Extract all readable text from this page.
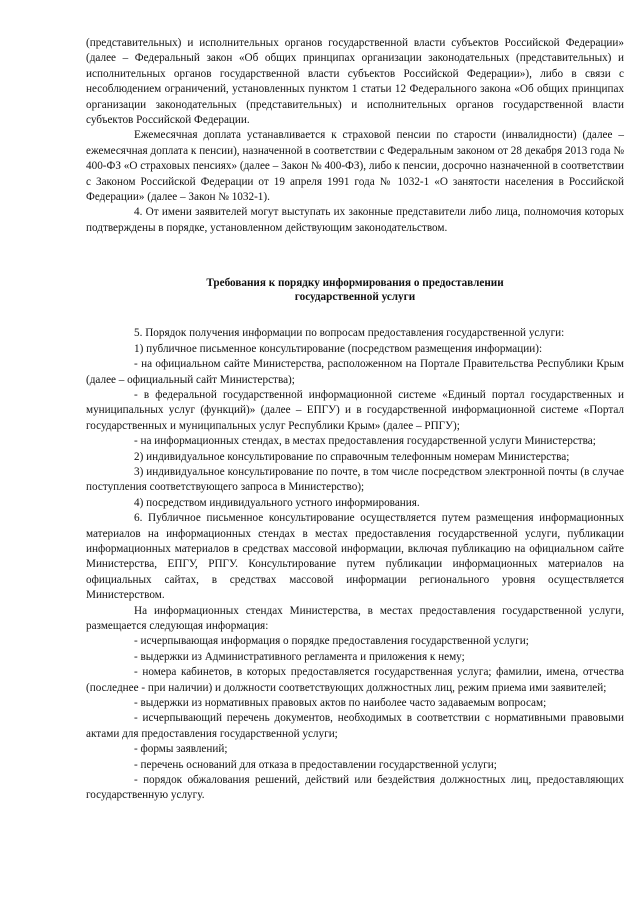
(представительных) и исполнительных органов государственной власти субъектов Российской Федерации» (далее – Федеральный закон «Об общих принципах организации законодательных (представительных) и исполнительных органов государственной власти субъектов Российской Федерации»), либо в связи с несоблюдением ограничений, установленных пунктом 1 статьи 12 Федерального закона «Об общих принципах организации законодательных (представительных) и исполнительных органов государственной власти субъектов Российской Федерации.

Ежемесячная доплата устанавливается к страховой пенсии по старости (инвалидности) (далее – ежемесячная доплата к пенсии), назначенной в соответствии с Федеральным законом от 28 декабря 2013 года № 400-ФЗ «О страховых пенсиях» (далее – Закон № 400-ФЗ), либо к пенсии, досрочно назначенной в соответствии с Законом Российской Федерации от 19 апреля 1991 года № 1032-1 «О занятости населения в Российской Федерации» (далее – Закон № 1032-1).

4. От имени заявителей могут выступать их законные представители либо лица, полномочия которых подтверждены в порядке, установленном действующим законодательством.

Требования к порядку информирования о предоставлении
государственной услуги

5. Порядок получения информации по вопросам предоставления государственной услуги:

1) публичное письменное консультирование (посредством размещения информации):

- на официальном сайте Министерства, расположенном на Портале Правительства Республики Крым (далее – официальный сайт Министерства);

- в федеральной государственной информационной системе «Единый портал государственных и муниципальных услуг (функций)» (далее – ЕПГУ) и в государственной информационной системе «Портал государственных и муниципальных услуг Республики Крым» (далее – РПГУ);

- на информационных стендах, в местах предоставления государственной услуги Министерства;

2) индивидуальное консультирование по справочным телефонным номерам Министерства;

3) индивидуальное консультирование по почте, в том числе посредством электронной почты (в случае поступления соответствующего запроса в Министерство);

4) посредством индивидуального устного информирования.

6. Публичное письменное консультирование осуществляется путем размещения информационных материалов на информационных стендах в местах предоставления государственной услуги, публикации информационных материалов в средствах массовой информации, включая публикацию на официальном сайте Министерства, ЕПГУ, РПГУ. Консультирование путем публикации информационных материалов на официальных сайтах, в средствах массовой информации регионального уровня осуществляется Министерством.

На информационных стендах Министерства, в местах предоставления государственной услуги, размещается следующая информация:

- исчерпывающая информация о порядке предоставления государственной услуги;

- выдержки из Административного регламента и приложения к нему;

- номера кабинетов, в которых предоставляется государственная услуга; фамилии, имена, отчества (последнее - при наличии) и должности соответствующих должностных лиц, режим приема ими заявителей;

- выдержки из нормативных правовых актов по наиболее часто задаваемым вопросам;

- исчерпывающий перечень документов, необходимых в соответствии с нормативными правовыми актами для предоставления государственной услуги;

- формы заявлений;

- перечень оснований для отказа в предоставлении государственной услуги;

- порядок обжалования решений, действий или бездействия должностных лиц, предоставляющих государственную услугу.
